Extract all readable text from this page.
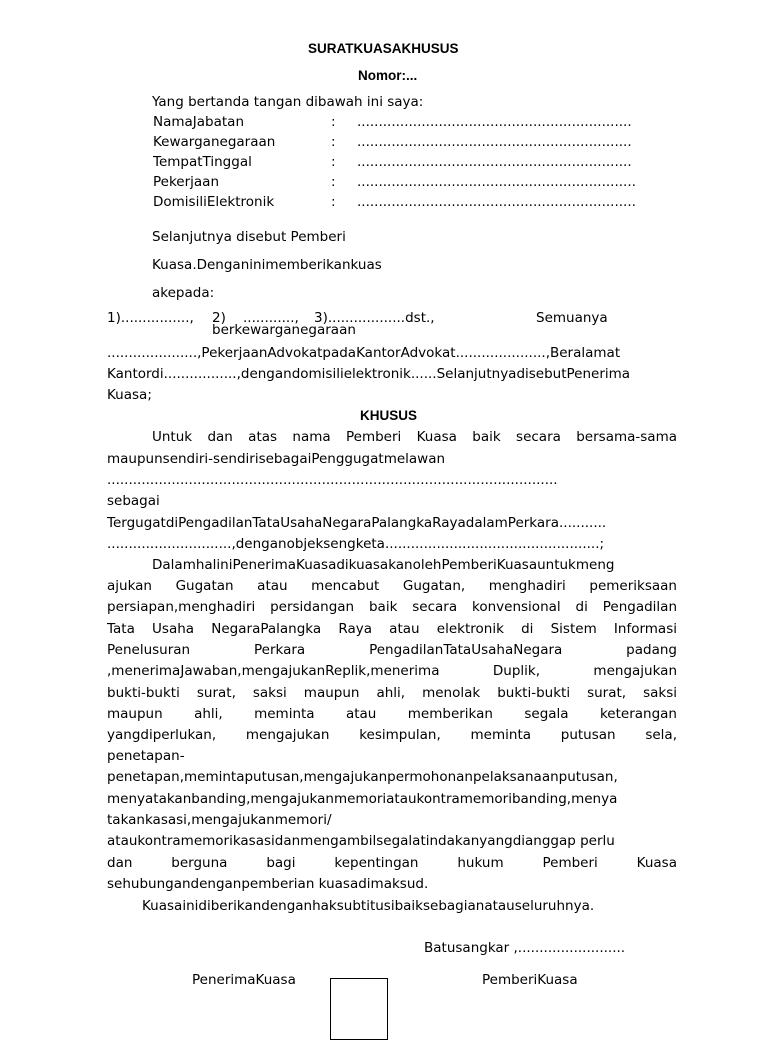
SURATKUASAKHUSUS
Nomor:...
Yang bertanda tangan dibawah ini saya:
NamaJabatan	: ................................................................
Kewarganegaraan	: ................................................................
TempatTinggal	: ................................................................
Pekerjaan	: .................................................................
DomisiliElektronik	: .................................................................
Selanjutnya disebut Pemberi
Kuasa.Denganinimemberikankuas
akepada:
1)................, 2) ............, 3)..................dst.,	Semuanya
berkewarganegaraan
.....................,PekerjaanAdvokatpadaKantorAdvokat.....................,Beralamat
Kantordi.................,dengandomisilielektronik......SelanjutnyadisebutPenerima
Kuasa;
KHUSUS
Untuk dan atas nama Pemberi Kuasa baik secara bersama-sama
maupunsendiri-sendirisebagaiPenggugatmelawan
.........................................................................................................
sebagai
TergugatdiPengadilanTataUsahaNegaraPalangkaRayadalamPerkara...........
.............................,denganobjeksengketa..................................................;
DalamhaliniPenerimaKuasadikuasakanolehPemberiKuasauntukmeng
ajukan Gugatan atau mencabut Gugatan, menghadiri pemeriksaan
persiapan,menghadiri persidangan baik secara konvensional di Pengadilan
Tata Usaha NegaraPalangka Raya atau elektronik di Sistem Informasi
Penelusuran Perkara PengadilanTataUsahaNegara padang
,menerimaJawaban,mengajukanReplik,menerima Duplik, mengajukan
bukti-bukti surat, saksi maupun ahli, menolak bukti-bukti surat, saksi
maupun ahli, meminta atau memberikan segala keterangan
yangdiperlukan, mengajukan kesimpulan, meminta putusan sela,
penetapan-
penetapan,memintaputusan,mengajukanpermohonanpelaksanaanputusan,
menyatakanbanding,mengajukanmemoriataukontramemoribanding,menya
takankasasi,mengajukanmemori/
ataukontramemorikasasidanmengambilsegalatindakanyangdianggap perlu
dan berguna bagi kepentingan hukum Pemberi Kuasa
sehubungandenganpemberian kuasadimaksud.
Kuasainidiberikandenganhaksubtitusibaiksebagianatauseluruhnya.
Batusangkar ,.........................
PenerimaKuasa	PemberiKuasa
